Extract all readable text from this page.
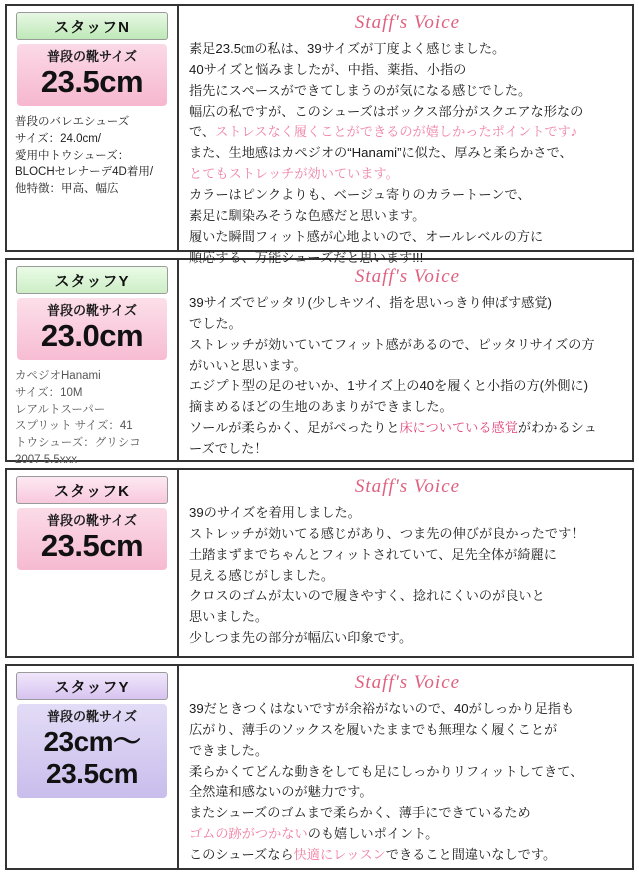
スタッフN
普段の靴サイズ
23.5cm
普段のバレエシューズ
サイズ：24.0cm/
愛用中トウシューズ：
BLOCHセレナーデ4D着用/
他特徴：甲高、幅広
Staff's Voice
素足23.5㎝の私は、39サイズが丁度よく感じました。
40サイズと悩みましたが、中指、薬指、小指の
指先にスペースができてしまうのが気になる感じでした。
幅広の私ですが、このシューズはボックス部分がスクエアな形なの
で、ストレスなく履くことができるのが嬉しかったポイントです♪
また、生地感はカペジオの“Hanami”に似た、厚みと柔らかさで、
とてもストレッチが効いています。
カラーはピンクよりも、ベージュ寄りのカラートーンで、
素足に馴染みそうな色感だと思います。
履いた瞬間フィット感が心地よいので、オールレベルの方に
順応する、万能シューズだと思います!!!
スタッフY
普段の靴サイズ
23.0cm
カペジオHanami
サイズ：10M
レアルトスーパー
スプリット サイズ：41
トウシューズ：グリシコ
2007 5.5xxx
Staff's Voice
39サイズでピッタリ(少しキツイ、指を思いっきり伸ばす感覚)
でした。
ストレッチが効いていてフィット感があるので、ピッタリサイズの方
がいいと思います。
エジプト型の足のせいか、1サイズ上の40を履くと小指の方(外側に)
摘まめるほどの生地のあまりができました。
ソールが柔らかく、足がぺったりと床についている感覚がわかるシュ
ーズでした！
スタッフK
普段の靴サイズ
23.5cm
Staff's Voice
39のサイズを着用しました。
ストレッチが効いてる感じがあり、つま先の伸びが良かったです！
土踏まずまでちゃんとフィットされていて、足先全体が綺麗に
見える感じがしました。
クロスのゴムが太いので履きやすく、捻れにくいのが良いと
思いました。
少しつま先の部分が幅広い印象です。
スタッフY
普段の靴サイズ
23cm～ 23.5cm
Staff's Voice
39だときつくはないですが余裕がないので、40がしっかり足指も
広がり、薄手のソックスを履いたままでも無理なく履くことが
できました。
柔らかくてどんな動きをしても足にしっかりリフィットしてきて、
全然違和感ないのが魅力です。
またシューズのゴムまで柔らかく、薄手にできているため
ゴムの跡がつかないのも嬉しいポイント。
このシューズなら快適にレッスンできること間違いなしです。
